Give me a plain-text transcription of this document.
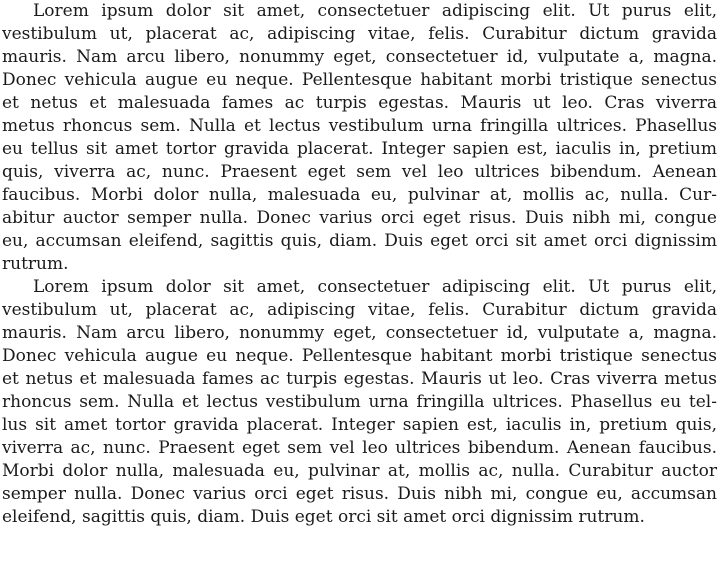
Lorem ipsum dolor sit amet, consectetuer adipiscing elit. Ut purus elit,
vestibulum ut, placerat ac, adipiscing vitae, felis. Curabitur dictum gravida
mauris. Nam arcu libero, nonummy eget, consectetuer id, vulputate a, magna.
Donec vehicula augue eu neque. Pellentesque habitant morbi tristique senectus
et netus et malesuada fames ac turpis egestas. Mauris ut leo. Cras viverra
metus rhoncus sem. Nulla et lectus vestibulum urna fringilla ultrices. Phasellus
eu tellus sit amet tortor gravida placerat. Integer sapien est, iaculis in, pretium
quis, viverra ac, nunc. Praesent eget sem vel leo ultrices bibendum. Aenean
faucibus. Morbi dolor nulla, malesuada eu, pulvinar at, mollis ac, nulla. Cur-
abitur auctor semper nulla. Donec varius orci eget risus. Duis nibh mi, congue
eu, accumsan eleifend, sagittis quis, diam. Duis eget orci sit amet orci dignissim
rutrum.
Lorem ipsum dolor sit amet, consectetuer adipiscing elit. Ut purus elit,
vestibulum ut, placerat ac, adipiscing vitae, felis. Curabitur dictum gravida
mauris. Nam arcu libero, nonummy eget, consectetuer id, vulputate a, magna.
Donec vehicula augue eu neque. Pellentesque habitant morbi tristique senectus
et netus et malesuada fames ac turpis egestas. Mauris ut leo. Cras viverra metus
rhoncus sem. Nulla et lectus vestibulum urna fringilla ultrices. Phasellus eu tel-
lus sit amet tortor gravida placerat. Integer sapien est, iaculis in, pretium quis,
viverra ac, nunc. Praesent eget sem vel leo ultrices bibendum. Aenean faucibus.
Morbi dolor nulla, malesuada eu, pulvinar at, mollis ac, nulla. Curabitur auctor
semper nulla. Donec varius orci eget risus. Duis nibh mi, congue eu, accumsan
eleifend, sagittis quis, diam. Duis eget orci sit amet orci dignissim rutrum.
